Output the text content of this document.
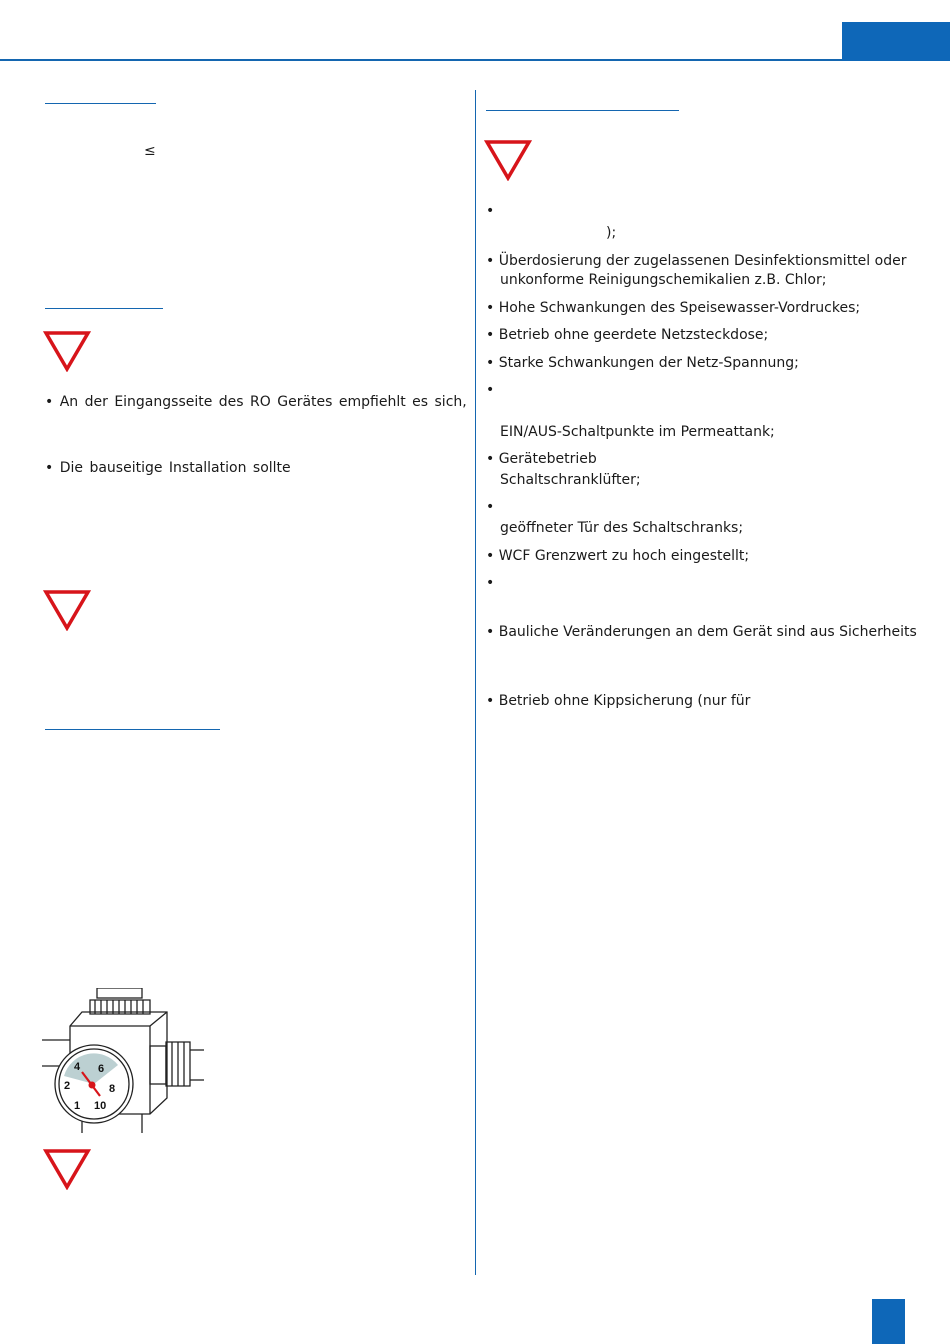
≤
• An der Eingangsseite des RO Gerätes empfiehlt es sich,
• Die bauseitige Installation sollte
4 6
2	8
1 10
•
);
• Überdosierung der zugelassenen Desinfektionsmittel oder
unkonforme Reinigungschemikalien z.B. Chlor;
• Hohe Schwankungen des Speisewasser-Vordruckes;
• Betrieb ohne geerdete Netzsteckdose;
• Starke Schwankungen der Netz-Spannung;
•
EIN/AUS-Schaltpunkte im Permeattank;
• Gerätebetrieb
Schaltschranklüfter;
•
geöffneter Tür des Schaltschranks;
• WCF Grenzwert zu hoch eingestellt;
•
• Bauliche Veränderungen an dem Gerät sind aus Sicherheits
• Betrieb ohne Kippsicherung (nur für
